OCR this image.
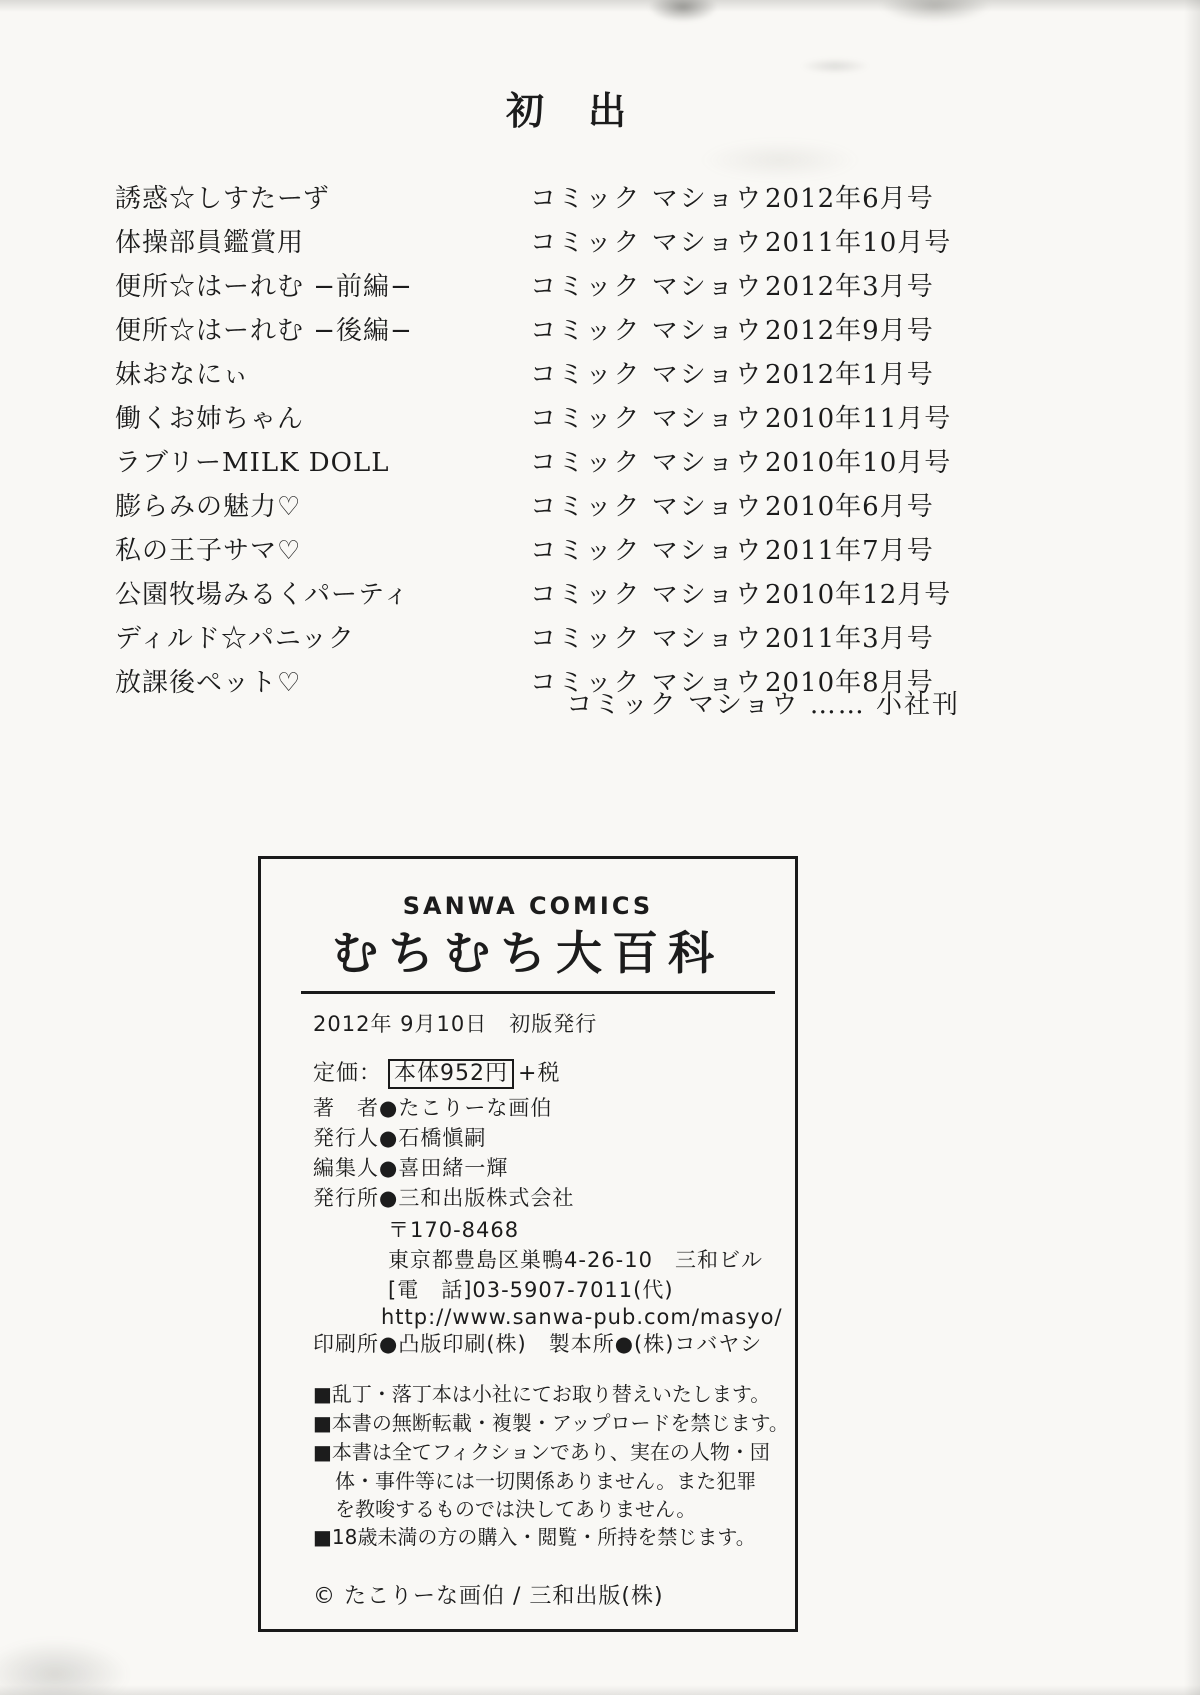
初　出
誘惑☆しすたーず	コミック マショウ 2012年6月号
体操部員鑑賞用	コミック マショウ 2011年10月号
便所☆はーれむ −前編−	コミック マショウ 2012年3月号
便所☆はーれむ −後編−	コミック マショウ 2012年9月号
妹おなにぃ	コミック マショウ 2012年1月号
働くお姉ちゃん	コミック マショウ 2010年11月号
ラブリーMILK DOLL	コミック マショウ 2010年10月号
膨らみの魅力♡	コミック マショウ 2010年6月号
私の王子サマ♡	コミック マショウ 2011年7月号
公園牧場みるくパーティ	コミック マショウ 2010年12月号
ディルド☆パニック	コミック マショウ 2011年3月号
放課後ペット♡	コミック マショウ 2010年8月号
コミック マショウ …… 小社刊
SANWA COMICS
むちむち大百科
2012年 9月10日　初版発行
定価： 本体952円 +税
著　者●たこりーな画伯
発行人●石橋愼嗣
編集人●喜田緒一輝
発行所●三和出版株式会社
〒170-8468
東京都豊島区巣鴨4-26-10　三和ビル
[電　話]03-5907-7011(代)
http://www.sanwa-pub.com/masyo/
印刷所●凸版印刷(株)　製本所●(株)コバヤシ
■乱丁・落丁本は小社にてお取り替えいたします。
■本書の無断転載・複製・アップロードを禁じます。
■本書は全てフィクションであり、実在の人物・団
体・事件等には一切関係ありません。また犯罪
を教唆するものでは決してありません。
■18歳未満の方の購入・閲覧・所持を禁じます。
© たこりーな画伯 / 三和出版(株)
